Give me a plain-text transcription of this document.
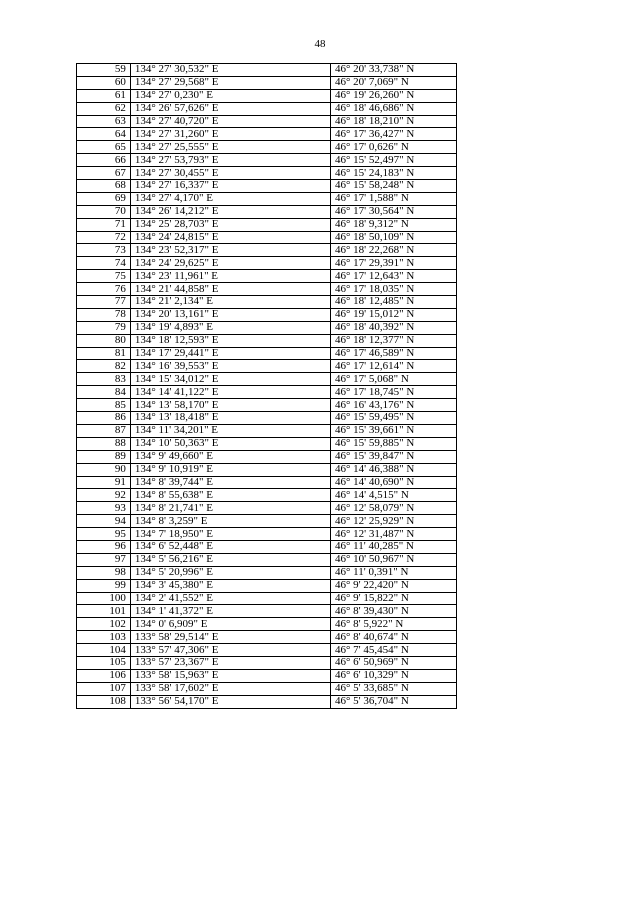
48
59	134° 27' 30,532" E	46° 20' 33,738" N
60	134° 27' 29,568" E	46° 20' 7,069" N
61	134° 27' 0,230" E	46° 19' 26,260" N
62	134° 26' 57,626" E	46° 18' 46,686" N
63	134° 27' 40,720" E	46° 18' 18,210" N
64	134° 27' 31,260" E	46° 17' 36,427" N
65	134° 27' 25,555" E	46° 17' 0,626" N
66	134° 27' 53,793" E	46° 15' 52,497" N
67	134° 27' 30,455" E	46° 15' 24,183" N
68	134° 27' 16,337" E	46° 15' 58,248" N
69	134° 27' 4,170" E	46° 17' 1,588" N
70	134° 26' 14,212" E	46° 17' 30,564" N
71	134° 25' 28,703" E	46° 18' 9,312" N
72	134° 24' 24,815" E	46° 18' 50,109" N
73	134° 23' 52,317" E	46° 18' 22,268" N
74	134° 24' 29,625" E	46° 17' 29,391" N
75	134° 23' 11,961" E	46° 17' 12,643" N
76	134° 21' 44,858" E	46° 17' 18,035" N
77	134° 21' 2,134" E	46° 18' 12,485" N
78	134° 20' 13,161" E	46° 19' 15,012" N
79	134° 19' 4,893" E	46° 18' 40,392" N
80	134° 18' 12,593" E	46° 18' 12,377" N
81	134° 17' 29,441" E	46° 17' 46,589" N
82	134° 16' 39,553" E	46° 17' 12,614" N
83	134° 15' 34,012" E	46° 17' 5,068" N
84	134° 14' 41,122" E	46° 17' 18,745" N
85	134° 13' 58,170" E	46° 16' 43,176" N
86	134° 13' 18,418" E	46° 15' 59,495" N
87	134° 11' 34,201" E	46° 15' 39,661" N
88	134° 10' 50,363" E	46° 15' 59,885" N
89	134° 9' 49,660" E	46° 15' 39,847" N
90	134° 9' 10,919" E	46° 14' 46,388" N
91	134° 8' 39,744" E	46° 14' 40,690" N
92	134° 8' 55,638" E	46° 14' 4,515" N
93	134° 8' 21,741" E	46° 12' 58,079" N
94	134° 8' 3,259" E	46° 12' 25,929" N
95	134° 7' 18,950" E	46° 12' 31,487" N
96	134° 6' 52,448" E	46° 11' 40,285" N
97	134° 5' 56,216" E	46° 10' 50,967" N
98	134° 5' 20,996" E	46° 11' 0,391" N
99	134° 3' 45,380" E	46° 9' 22,420" N
100	134° 2' 41,552" E	46° 9' 15,822" N
101	134° 1' 41,372" E	46° 8' 39,430" N
102	134° 0' 6,909" E	46° 8' 5,922" N
103	133° 58' 29,514" E	46° 8' 40,674" N
104	133° 57' 47,306" E	46° 7' 45,454" N
105	133° 57' 23,367" E	46° 6' 50,969" N
106	133° 58' 15,963" E	46° 6' 10,329" N
107	133° 58' 17,602" E	46° 5' 33,685" N
108	133° 56' 54,170" E	46° 5' 36,704" N
